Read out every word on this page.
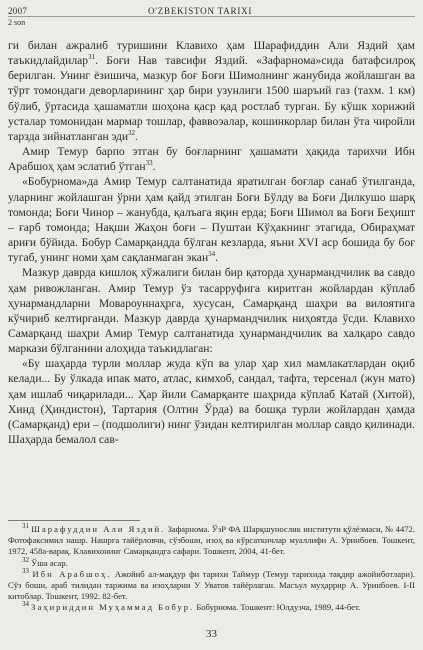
2007	O'ZBEKISTON TARIXI
2 son

ги билан ажралиб туришини Клавихо ҳам Шарафиддин Али Яздий ҳам таъкидлайдилар$^{31}$. Боғи Нав тавсифи Яздий. «Зафарнома»сида батафсилроқ берилган. Унинг ёзишича, мазкур боғ Боғи Шимолнинг жанубида жойлашган ва тўрт томондаги деворларининг ҳар бири узунлиги 1500 шаръий газ (тахм. 1 км) бўлиб, ўртасида ҳашаматли шоҳона қаср қад ростлаб турган. Бу кўшк хорижий усталар томонидан мармар тошлар, фаввоэалар, кошинкорлар билан ўта чиройли тарзда зийнатланган эди$^{32}$.

Амир Темур барпо этган бу боғларнинг ҳашамати ҳақида тарихчи Ибн Арабшоҳ ҳам эслатиб ўтган$^{33}$.

«Бобурнома»да Амир Темур салтанатида яратилган боғлар санаб ўтилганда, уларнинг жойлашган ўрни ҳам қайд этилган Боғи Бўлду ва Боғи Дилкушо шарқ томонда; Боғи Чинор – жанубда, қалъага яқин ерда; Боғи Шимол ва Боғи Беҳишт – ғарб томонда; Нақши Жаҳон боғи – Пуштаи Кўҳакнинг этагида, Обираҳмат ариғи бўйида. Бобур Самарқандда бўлган кезларда, яъни XVI аср бошида бу боғ тугаб, унинг номи ҳам сақланмаган экан$^{34}$.

Мазкур даврда кишлоқ хўжалиги билан бир қаторда ҳунармандчилик ва савдо ҳам ривожланган. Амир Темур ўз тасарруфига киритган жойлардан кўплаб ҳунармандларни Мовароуннаҳрга, хусусан, Самарқанд шаҳри ва вилоятига кўчириб келтирганди. Мазкур даврда ҳунармандчилик ниҳоятда ўсди. Клавихо Самарқанд шаҳри Амир Темур салтанатида ҳунармандчилик ва халқаро савдо маркази бўлганини алоҳида таъкидлаган:

«Бу шаҳарда турли моллар жуда кўп ва улар ҳар хил мамлакатлардан оқиб келади... Бу ўлкада ипак мато, атлас, кимхоб, сандал, тафта, терсенал (жун мато) ҳам ишлаб чиқарилади... Ҳар йили Самарқанте шаҳрида кўплаб Катай (Хитой), Хинд (Ҳиндистон), Тартария (Олтин Ўрда) ва бошқа турли жойлардан ҳамда (Самарқанд) ери – (подшолиги) нинг ўзидан келтирилган моллар савдо қилинади. Шаҳарда бемалол сав-

$^{31}$ Шарафуддин Али Яздий. Зафарнома. ЎзР ФА Шарқшунослик институти қўлёзмаси, № 4472. Фотофаксимил нашр. Нашрга тайёрловчи, сўзбоши, изоҳ ва кўрсаткичлар муаллифи А. Уринбоев. Тошкент, 1972, 458а-варақ. Клавихонинг Самарқандга сафари. Тошкент, 2004, 41-бет.

$^{32}$ Ўша асар.

$^{33}$ Ибн Арабшоҳ. Ажойиб ал-мақдур фи тарихи Таймур (Темур тарихида тақдир ажойиботлари). Сўз боши, араб тилидан таржима ва изоҳларни У Уватов тайёрлаган. Масъул муҳаррир А. Уринбоев. I-II китоблар. Тошкент, 1992. 82-бет.

$^{34}$ Заҳириддин Муҳаммад Бобур. Бобурнома. Тошкент: Юлдузча, 1989, 44-бет.

33
